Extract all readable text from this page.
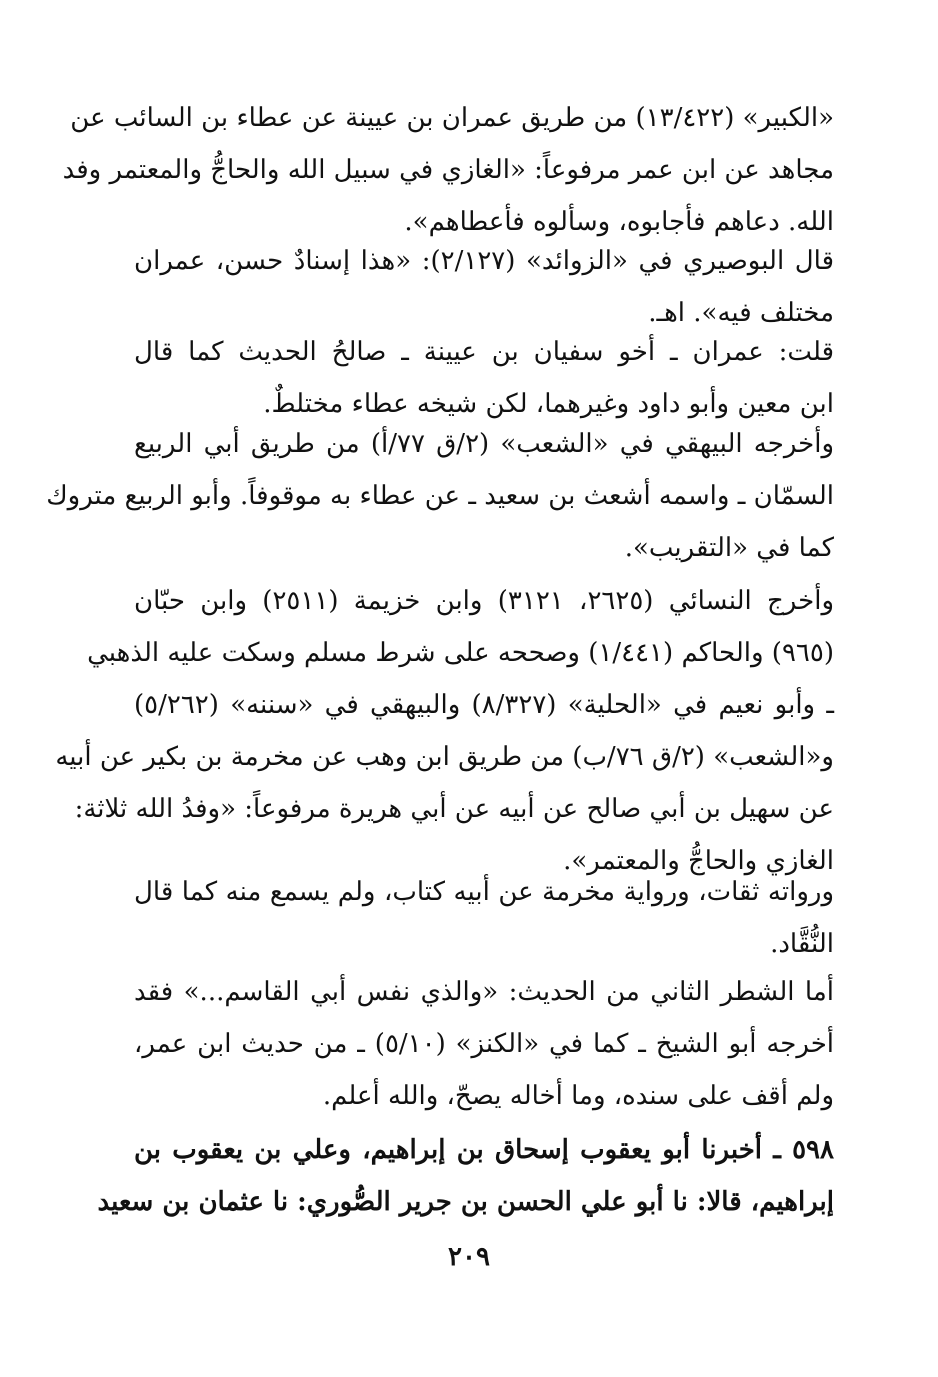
«الكبير» (١٣/٤٢٢) من طريق عمران بن عيينة عن عطاء بن السائب عن
مجاهد عن ابن عمر مرفوعاً: «الغازي في سبيل الله والحاجُّ والمعتمر وفد
الله. دعاهم فأجابوه، وسألوه فأعطاهم».
قال البوصيري في «الزوائد» (٢/١٢٧): «هذا إسنادٌ حسن، عمران
مختلف فيه». اهـ.
قلت: عمران ـ أخو سفيان بن عيينة ـ صالحُ الحديث كما قال
ابن معين وأبو داود وغيرهما، لكن شيخه عطاء مختلطٌ.
وأخرجه البيهقي في «الشعب» (٢/ق ٧٧/أ) من طريق أبي الربيع
السمّان ـ واسمه أشعث بن سعيد ـ عن عطاء به موقوفاً. وأبو الربيع متروك
كما في «التقريب».
وأخرج النسائي (٢٦٢٥، ٣١٢١) وابن خزيمة (٢٥١١) وابن حبّان
(٩٦٥) والحاكم (١/٤٤١) وصححه على شرط مسلم وسكت عليه الذهبي
ـ وأبو نعيم في «الحلية» (٨/٣٢٧) والبيهقي في «سننه» (٥/٢٦٢)
و«الشعب» (٢/ق ٧٦/ب) من طريق ابن وهب عن مخرمة بن بكير عن أبيه
عن سهيل بن أبي صالح عن أبيه عن أبي هريرة مرفوعاً: «وفدُ الله ثلاثة:
الغازي والحاجُّ والمعتمر».
ورواته ثقات، ورواية مخرمة عن أبيه كتاب، ولم يسمع منه كما قال
النُّقَّاد.
أما الشطر الثاني من الحديث: «والذي نفس أبي القاسم...» فقد
أخرجه أبو الشيخ ـ كما في «الكنز» (٥/١٠) ـ من حديث ابن عمر،
ولم أقف على سنده، وما أخاله يصحّ، والله أعلم.
٥٩٨ ـ أخبرنا أبو يعقوب إسحاق بن إبراهيم، وعلي بن يعقوب بن
إبراهيم، قالا: نا أبو علي الحسن بن جرير الصُّوري: نا عثمان بن سعيد
٢٠٩
